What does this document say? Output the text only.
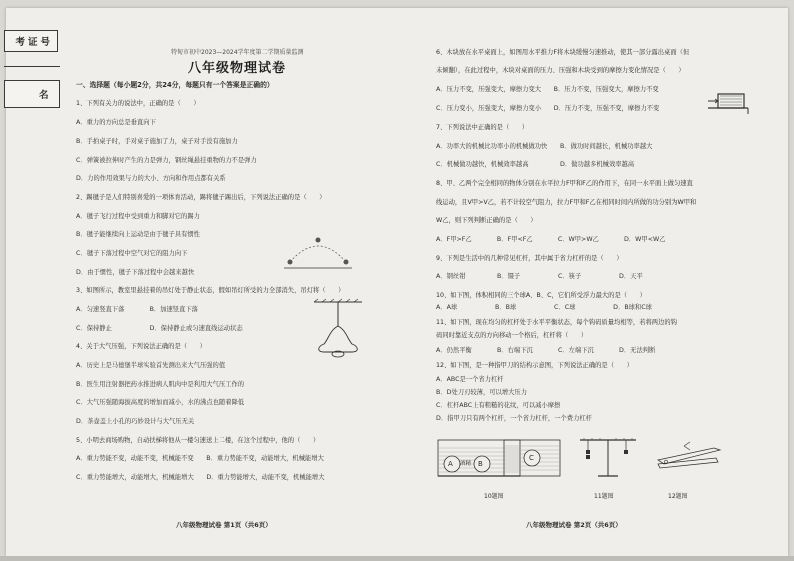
考证号
名

特甸市初中2023—2024学年度第二学期质量监测

八年级物理试卷

一、选择题（每小题2分，共24分，每题只有一个答案是正确的）

1、下列有关力的说法中，正确的是（　　）

A．重力的方向总是垂直向下

B．手拍桌子时，手对桌子施加了力，桌子对手没有施加力

C．弹簧被拉伸时产生的力是弹力，钢丝绳悬挂重物的力不是弹力

D．力的作用效果与力的大小、方向和作用点都有关系

2、踢毽子是人们特别喜爱的一项体育活动，踢将毽子踢出后，下列说法正确的是（　　）

A．毽子飞行过程中受到重力和脚对它的踢力

B．毽子能继续向上运动是由于毽子具有惯性

C．毽子下落过程中空气对它的阻力向下

D．由于惯性，毽子下落过程中会越来越快

3、如图所示，教室里悬挂着的吊灯处于静止状态，假如吊灯所受的力全部消失，吊灯将（　　）

A．匀速竖直下落　　　　B．加速竖直下落

C．保持静止　　　　　　D．保持静止或匀速直线运动状态

4、关于大气压强，下列说法正确的是（　　）

A．历史上是马德堡半球实验首先测出来大气压强的值

B．医生用注射器把药水推进病人肌肉中是利用大气压工作的

C．大气压强随海拔高度的增加而减小，水的沸点也随着降低

D．茶壶盖上小孔的巧妙设计与大气压无关

5、小明去商场购物，自动扶梯将他从一楼匀速送上二楼，在这个过程中，他的（　　）

A．重力势能不变，动能不变，机械能不变　　B．重力势能不变，动能增大，机械能增大

C．重力势能增大，动能增大，机械能增大　　D．重力势能增大，动能不变，机械能增大

八年级物理试卷 第1页（共6页）

6、木块放在水平桌面上，如图用水平推力F将木块缓慢匀速推动，使其一部分露出桌面（但

未倾翻），在此过程中，木块对桌面的压力、压强和木块受到的摩擦力变化情况是（　　）

A．压力不变，压强变大，摩擦力变大　　B．压力不变，压强变大，摩擦力不变

C．压力变小，压强变大，摩擦力变小　　D．压力不变，压强不变，摩擦力不变

7、下列说法中正确的是（　　）

A．功率大的机械比功率小的机械做功快　　B．做功时间越长，机械功率越大

C．机械做功越快，机械效率越高　　　　　D．做功越多机械效率越高

8、甲、乙两个完全相同的物体分别在水平拉力F甲和F乙的作用下，在同一水平面上做匀速直

线运动，且V甲>V乙，若不计较空气阻力，拉力F甲和F乙在相同时间内所做的功分别为W甲和

W乙，则下列判断正确的是（　　）

A．F甲>F乙　　　　B．F甲<F乙　　　　C．W甲>W乙　　　　D．W甲<W乙

9、下列是生活中的几种常见杠杆，其中属于省力杠杆的是（　　）

A．钢丝钳　　　　　B．镊子　　　　　　C．筷子　　　　　　D．天平

10、如下图，体积相同的三个球A、B、C，它们所受浮力最大的是（　　）

A．A球　　　　　　B．B球　　　　　　C．C球　　　　　　D．B球和C球

11、如下图，现在均匀的杠杆处于水平平衡状态，每个钩码质量均相等，若将两边的钩

码同时靠近支点的方向移动一个格后，杠杆将（　　）

A．仍然平衡　　　　B．右端下沉　　　　C．左端下沉　　　　D．无法判断

12、如下图，是一种指甲刀的结构示意图，下列说法正确的是（　　）

A．ABC是一个省力杠杆

B．D处刀刃较薄，可以增大压力

C．杠杆ABC上有粗糙的花纹，可以减小摩擦

D．指甲刀只有两个杠杆，一个省力杠杆，一个费力杠杆

八年级物理试卷 第2页（共6页）

A 酒精 B

C

10题图	11题图	12题图
